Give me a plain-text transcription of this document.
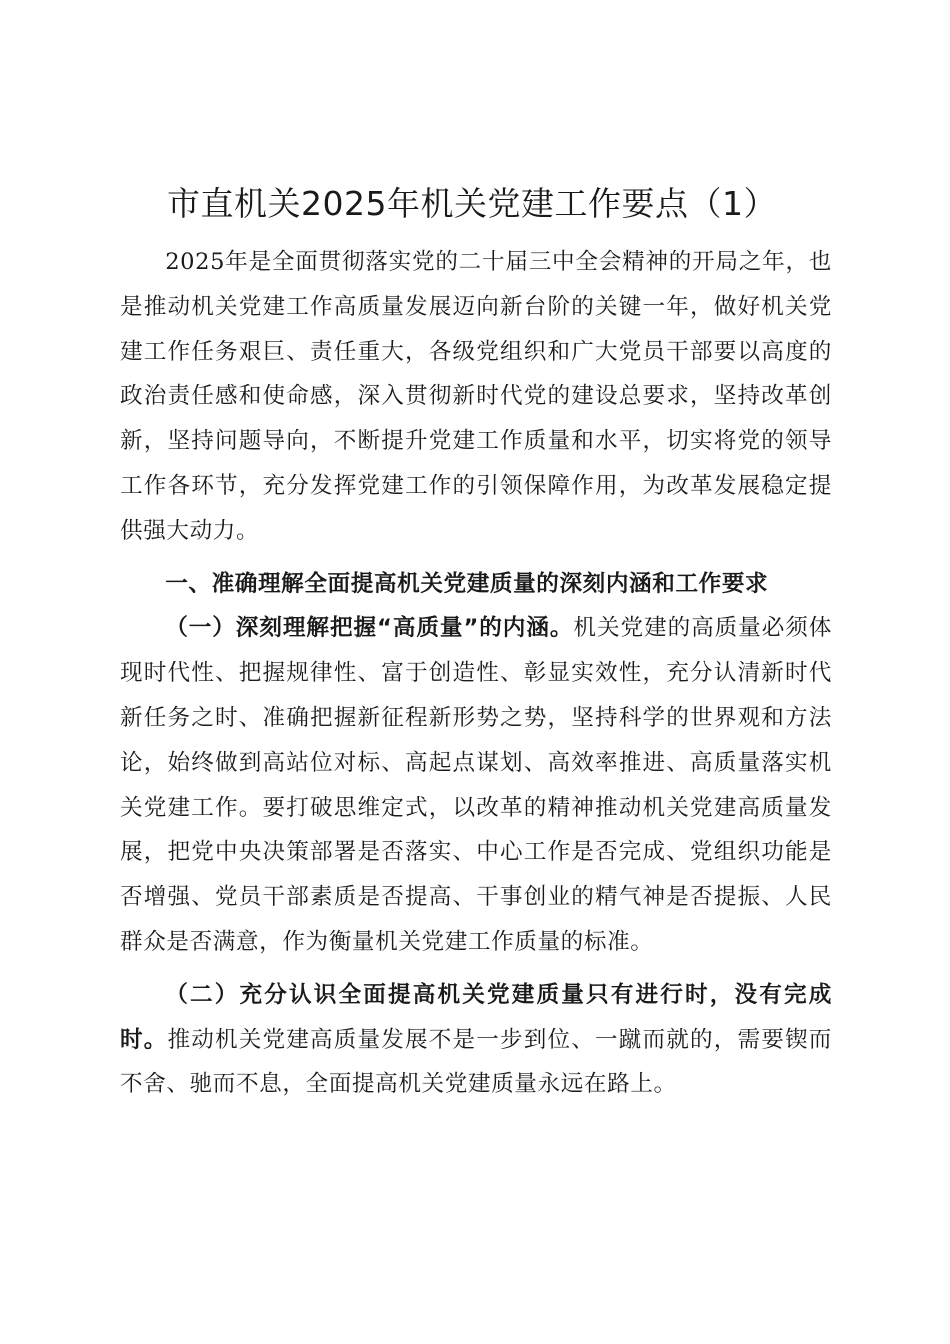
市直机关2025年机关党建工作要点（1）

2025年是全面贯彻落实党的二十届三中全会精神的开局之年，也是推动机关党建工作高质量发展迈向新台阶的关键一年，做好机关党建工作任务艰巨、责任重大，各级党组织和广大党员干部要以高度的政治责任感和使命感，深入贯彻新时代党的建设总要求，坚持改革创新，坚持问题导向，不断提升党建工作质量和水平，切实将党的领导工作各环节，充分发挥党建工作的引领保障作用，为改革发展稳定提供强大动力。

一、准确理解全面提高机关党建质量的深刻内涵和工作要求

（一）深刻理解把握“高质量”的内涵。机关党建的高质量必须体现时代性、把握规律性、富于创造性、彰显实效性，充分认清新时代新任务之时、准确把握新征程新形势之势，坚持科学的世界观和方法论，始终做到高站位对标、高起点谋划、高效率推进、高质量落实机关党建工作。要打破思维定式，以改革的精神推动机关党建高质量发展，把党中央决策部署是否落实、中心工作是否完成、党组织功能是否增强、党员干部素质是否提高、干事创业的精气神是否提振、人民群众是否满意，作为衡量机关党建工作质量的标准。

（二）充分认识全面提高机关党建质量只有进行时，没有完成时。推动机关党建高质量发展不是一步到位、一蹴而就的，需要锲而不舍、驰而不息，全面提高机关党建质量永远在路上。
